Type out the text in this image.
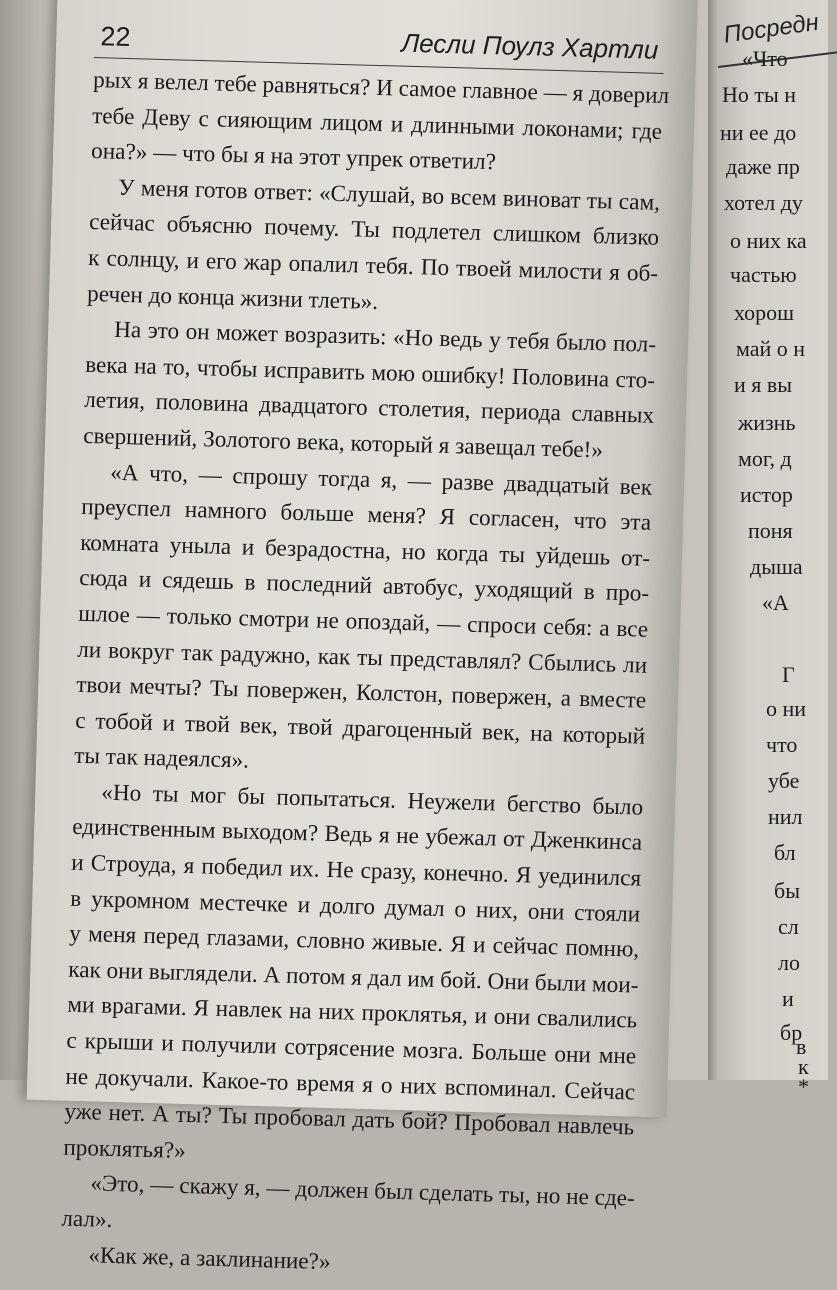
22	Лесли Поулз Хартли
рых я велел тебе равняться? И самое главное — я доверил
тебе Деву с сияющим лицом и длинными локонами; где
она?» — что бы я на этот упрек ответил?
У меня готов ответ: «Слушай, во всем виноват ты сам,
сейчас объясню почему. Ты подлетел слишком близко
к солнцу, и его жар опалил тебя. По твоей милости я об-
речен до конца жизни тлеть».
На это он может возразить: «Но ведь у тебя было пол-
века на то, чтобы исправить мою ошибку! Половина сто-
летия, половина двадцатого столетия, периода славных
свершений, Золотого века, который я завещал тебе!»
«А что, — спрошу тогда я, — разве двадцатый век
преуспел намного больше меня? Я согласен, что эта
комната уныла и безрадостна, но когда ты уйдешь от-
сюда и сядешь в последний автобус, уходящий в про-
шлое — только смотри не опоздай, — спроси себя: а все
ли вокруг так радужно, как ты представлял? Сбылись ли
твои мечты? Ты повержен, Колстон, повержен, а вместе
с тобой и твой век, твой драгоценный век, на который
ты так надеялся».
«Но ты мог бы попытаться. Неужели бегство было
единственным выходом? Ведь я не убежал от Дженкинса
и Строуда, я победил их. Не сразу, конечно. Я уединился
в укромном местечке и долго думал о них, они стояли
у меня перед глазами, словно живые. Я и сейчас помню,
как они выглядели. А потом я дал им бой. Они были мои-
ми врагами. Я навлек на них проклятья, и они свалились
с крыши и получили сотрясение мозга. Больше они мне
не докучали. Какое-то время я о них вспоминал. Сейчас
уже нет. А ты? Ты пробовал дать бой? Пробовал навлечь
проклятья?»
«Это, — скажу я, — должен был сделать ты, но не сде-
лал».
«Как же, а заклинание?»
Посредн
«Что
Но ты н
ни ее до
даже пр
хотел ду
о них ка
частью
хорош
май о н
и я вы
жизнь
мог, д
истор
поня
дыша
«А
Г
о ни
что
убе
нил
бл
бы
сл
ло
и
бр
в
к
*
